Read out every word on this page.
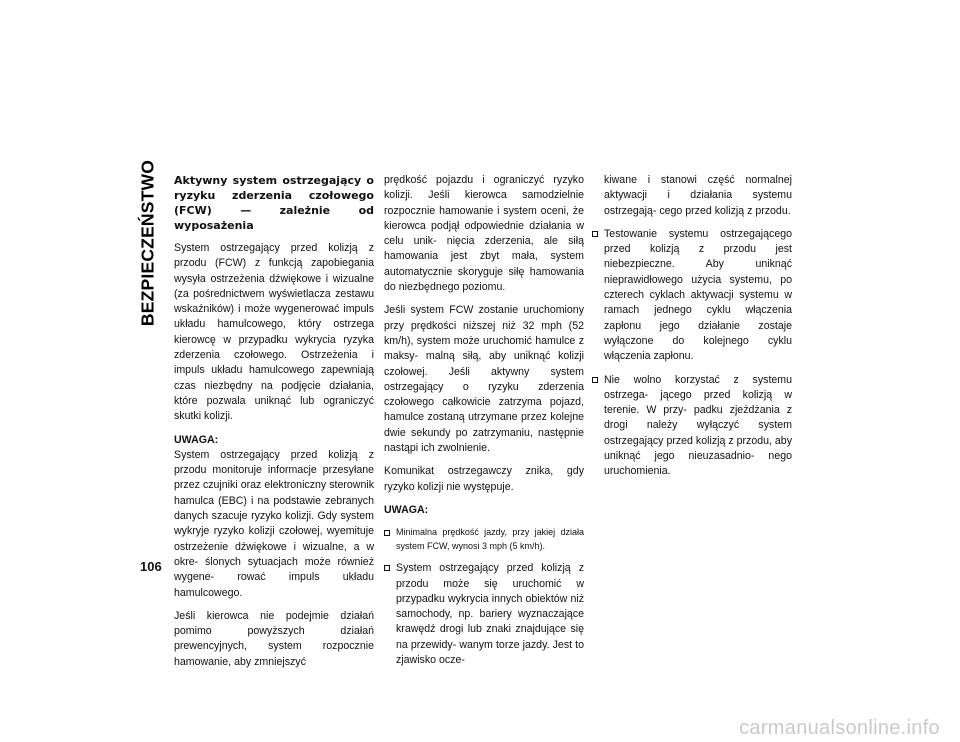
BEZPIECZEŃSTWO Aktywny system ostrzegający o ryzyku zderzenia czołowego (FCW) — zależnie od wyposażenia

System ostrzegający przed kolizją z przodu (FCW) z funkcją zapobiegania wysyła ostrzeżenia dźwiękowe i wizualne (za pośrednictwem wyświetlacza zestawu wskaźników) i może wygenerować impuls układu hamulcowego, który ostrzega kierowcę w przypadku wykrycia ryzyka zderzenia czołowego. Ostrzeżenia i impuls układu hamulcowego zapewniają czas niezbędny na podjęcie działania, które pozwala uniknąć lub ograniczyć skutki kolizji.

UWAGA:

System ostrzegający przed kolizją z przodu monitoruje informacje przesyłane przez czujniki oraz elektroniczny sterownik hamulca (EBC) i na podstawie zebranych danych szacuje ryzyko kolizji. Gdy system wykryje ryzyko kolizji czołowej, wyemituje ostrzeżenie dźwiękowe i wizualne, a w okre- ślonych sytuacjach może również wygene- rować impuls układu hamulcowego.

Jeśli kierowca nie podejmie działań pomimo powyższych działań prewencyjnych, system rozpocznie hamowanie, aby zmniejszyć

prędkość pojazdu i ograniczyć ryzyko kolizji. Jeśli kierowca samodzielnie rozpocznie hamowanie i system oceni, że kierowca podjął odpowiednie działania w celu unik- nięcia zderzenia, ale siłą hamowania jest zbyt mała, system automatycznie skoryguje siłę hamowania do niezbędnego poziomu.

Jeśli system FCW zostanie uruchomiony przy prędkości niższej niż 32 mph (52 km/h), system może uruchomić hamulce z maksy- malną siłą, aby uniknąć kolizji czołowej. Jeśli aktywny system ostrzegający o ryzyku zderzenia czołowego całkowicie zatrzyma pojazd, hamulce zostaną utrzymane przez kolejne dwie sekundy po zatrzymaniu, następnie nastąpi ich zwolnienie.

Komunikat ostrzegawczy znika, gdy ryzyko kolizji nie występuje.

UWAGA:

Minimalna prędkość jazdy, przy jakiej działa system FCW, wynosi 3 mph (5 km/h).
System ostrzegający przed kolizją z przodu może się uruchomić w przypadku wykrycia innych obiektów niż samochody, np. bariery wyznaczające krawędź drogi lub znaki znajdujące się na przewidy- wanym torze jazdy. Jest to zjawisko ocze-

kiwane i stanowi część normalnej aktywacji i działania systemu ostrzegają- cego przed kolizją z przodu.

Testowanie systemu ostrzegającego przed kolizją z przodu jest niebezpieczne. Aby uniknąć nieprawidłowego użycia systemu, po czterech cyklach aktywacji systemu w ramach jednego cyklu włączenia zapłonu jego działanie zostaje wyłączone do kolejnego cyklu włączenia zapłonu.
Nie wolno korzystać z systemu ostrzega- jącego przed kolizją w terenie. W przy- padku zjeżdżania z drogi należy wyłączyć system ostrzegający przed kolizją z przodu, aby uniknąć jego nieuzasadnio- nego uruchomienia.
106
carmanualsonline.info
